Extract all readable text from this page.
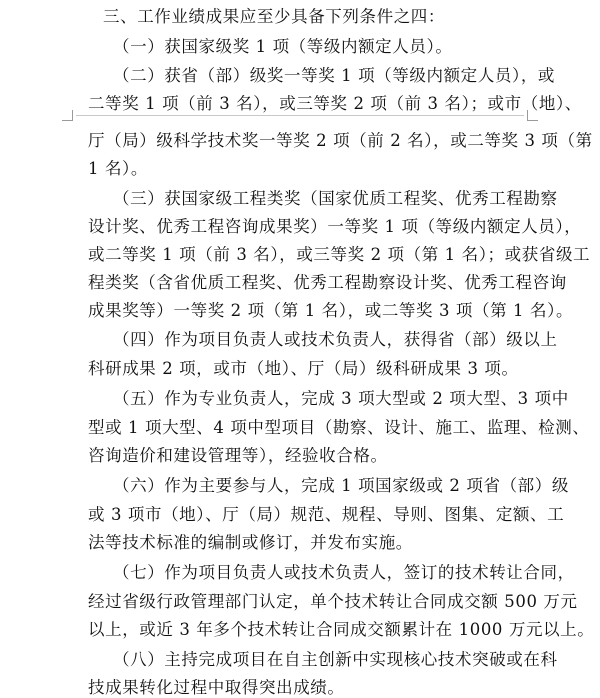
三、工作业绩成果应至少具备下列条件之四：
（一）获国家级奖 1 项（等级内额定人员）。
（二）获省（部）级奖一等奖 1 项（等级内额定人员），或
二等奖 1 项（前 3 名），或三等奖 2 项（前 3 名）；或市（地）、
厅（局）级科学技术奖一等奖 2 项（前 2 名），或二等奖 3 项（第
1 名）。
（三）获国家级工程类奖（国家优质工程奖、优秀工程勘察
设计奖、优秀工程咨询成果奖）一等奖 1 项（等级内额定人员），
或二等奖 1 项（前 3 名），或三等奖 2 项（第 1 名）；或获省级工
程类奖（含省优质工程奖、优秀工程勘察设计奖、优秀工程咨询
成果奖等）一等奖 2 项（第 1 名），或二等奖 3 项（第 1 名）。
（四）作为项目负责人或技术负责人，获得省（部）级以上
科研成果 2 项，或市（地）、厅（局）级科研成果 3 项。
（五）作为专业负责人，完成 3 项大型或 2 项大型、3 项中
型或 1 项大型、4 项中型项目（勘察、设计、施工、监理、检测、
咨询造价和建设管理等），经验收合格。
（六）作为主要参与人，完成 1 项国家级或 2 项省（部）级
或 3 项市（地）、厅（局）规范、规程、导则、图集、定额、工
法等技术标准的编制或修订，并发布实施。
（七）作为项目负责人或技术负责人，签订的技术转让合同，
经过省级行政管理部门认定，单个技术转让合同成交额 500 万元
以上，或近 3 年多个技术转让合同成交额累计在 1000 万元以上。
（八）主持完成项目在自主创新中实现核心技术突破或在科
技成果转化过程中取得突出成绩。
